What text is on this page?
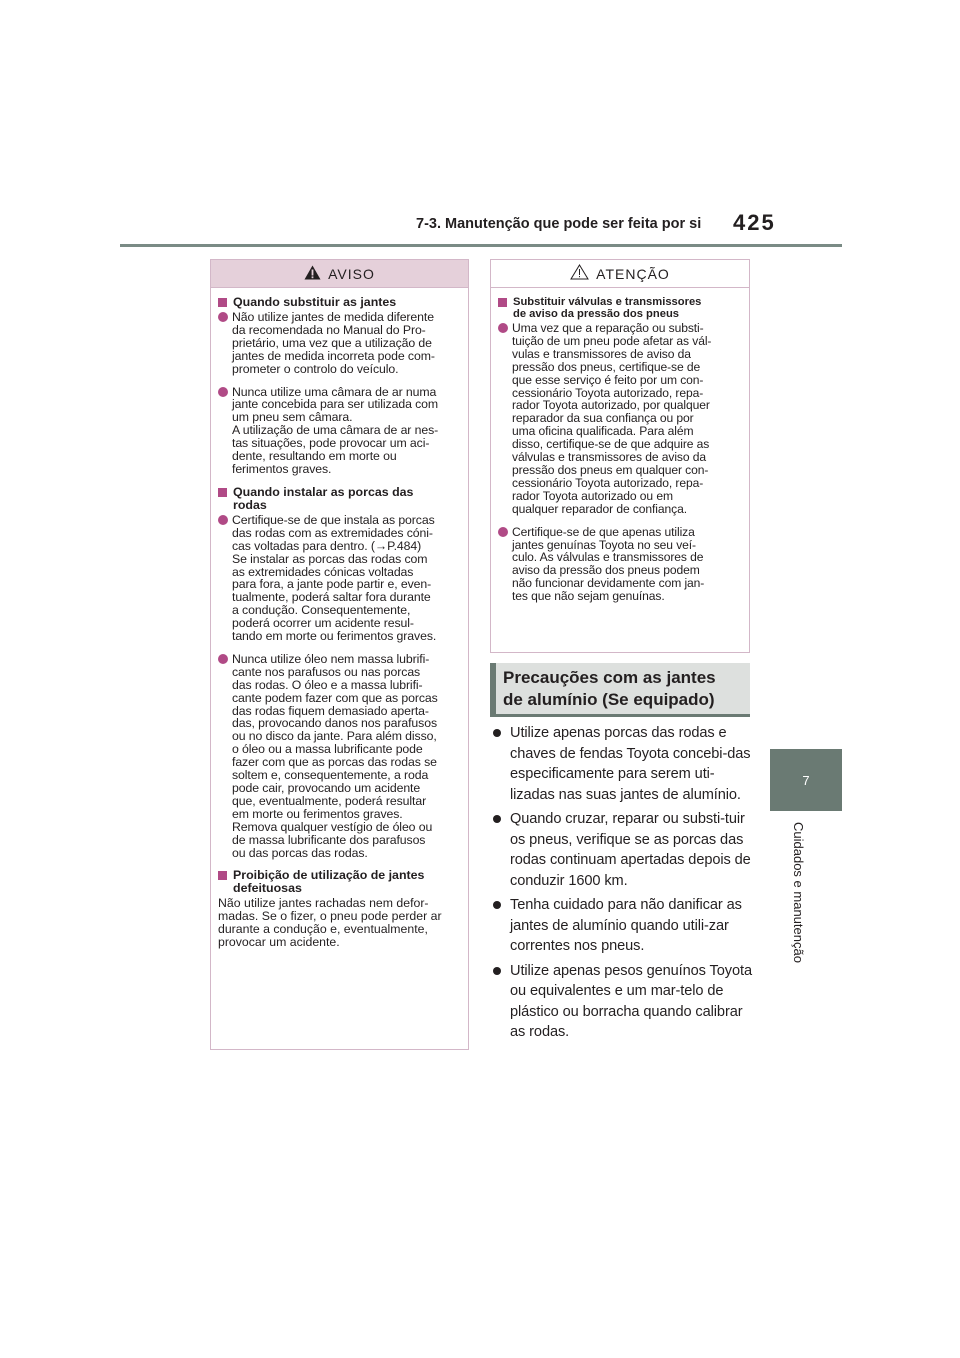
7-3. Manutenção que pode ser feita por si 425
7
Cuidados e manutenção
AVISO
Quando substituir as jantes
Não utilize jantes de medida diferente
da recomendada no Manual do Pro-
prietário, uma vez que a utilização de
jantes de medida incorreta pode com-
prometer o controlo do veículo.
Nunca utilize uma câmara de ar numa
jante concebida para ser utilizada com
um pneu sem câmara.
A utilização de uma câmara de ar nes-
tas situações, pode provocar um aci-
dente, resultando em morte ou
ferimentos graves.
Quando instalar as porcas das
rodas
Certifique-se de que instala as porcas
das rodas com as extremidades cóni-
cas voltadas para dentro. (→P.484)
Se instalar as porcas das rodas com
as extremidades cónicas voltadas
para fora, a jante pode partir e, even-
tualmente, poderá saltar fora durante
a condução. Consequentemente,
poderá ocorrer um acidente resul-
tando em morte ou ferimentos graves.
Nunca utilize óleo nem massa lubrifi-
cante nos parafusos ou nas porcas
das rodas. O óleo e a massa lubrifi-
cante podem fazer com que as porcas
das rodas fiquem demasiado aperta-
das, provocando danos nos parafusos
ou no disco da jante. Para além disso,
o óleo ou a massa lubrificante pode
fazer com que as porcas das rodas se
soltem e, consequentemente, a roda
pode cair, provocando um acidente
que, eventualmente, poderá resultar
em morte ou ferimentos graves.
Remova qualquer vestígio de óleo ou
de massa lubrificante dos parafusos
ou das porcas das rodas.
Proibição de utilização de jantes
defeituosas
Não utilize jantes rachadas nem defor-
madas. Se o fizer, o pneu pode perder ar
durante a condução e, eventualmente,
provocar um acidente.
ATENÇÃO
Substituir válvulas e transmissores
de aviso da pressão dos pneus
Uma vez que a reparação ou substi-
tuição de um pneu pode afetar as vál-
vulas e transmissores de aviso da
pressão dos pneus, certifique-se de
que esse serviço é feito por um con-
cessionário Toyota autorizado, repa-
rador Toyota autorizado, por qualquer
reparador da sua confiança ou por
uma oficina qualificada. Para além
disso, certifique-se de que adquire as
válvulas e transmissores de aviso da
pressão dos pneus em qualquer con-
cessionário Toyota autorizado, repa-
rador Toyota autorizado ou em
qualquer reparador de confiança.
Certifique-se de que apenas utiliza
jantes genuínas Toyota no seu veí-
culo. As válvulas e transmissores de
aviso da pressão dos pneus podem
não funcionar devidamente com jan-
tes que não sejam genuínas.
Precauções com as jantes
de alumínio (Se equipado)
Utilize apenas porcas das rodas e chaves de fendas Toyota concebi-das especificamente para serem uti-lizadas nas suas jantes de alumínio.
Quando cruzar, reparar ou substi-tuir os pneus, verifique se as porcas das rodas continuam apertadas depois de conduzir 1600 km.
Tenha cuidado para não danificar as jantes de alumínio quando utili-zar correntes nos pneus.
Utilize apenas pesos genuínos Toyota ou equivalentes e um mar-telo de plástico ou borracha quando calibrar as rodas.
